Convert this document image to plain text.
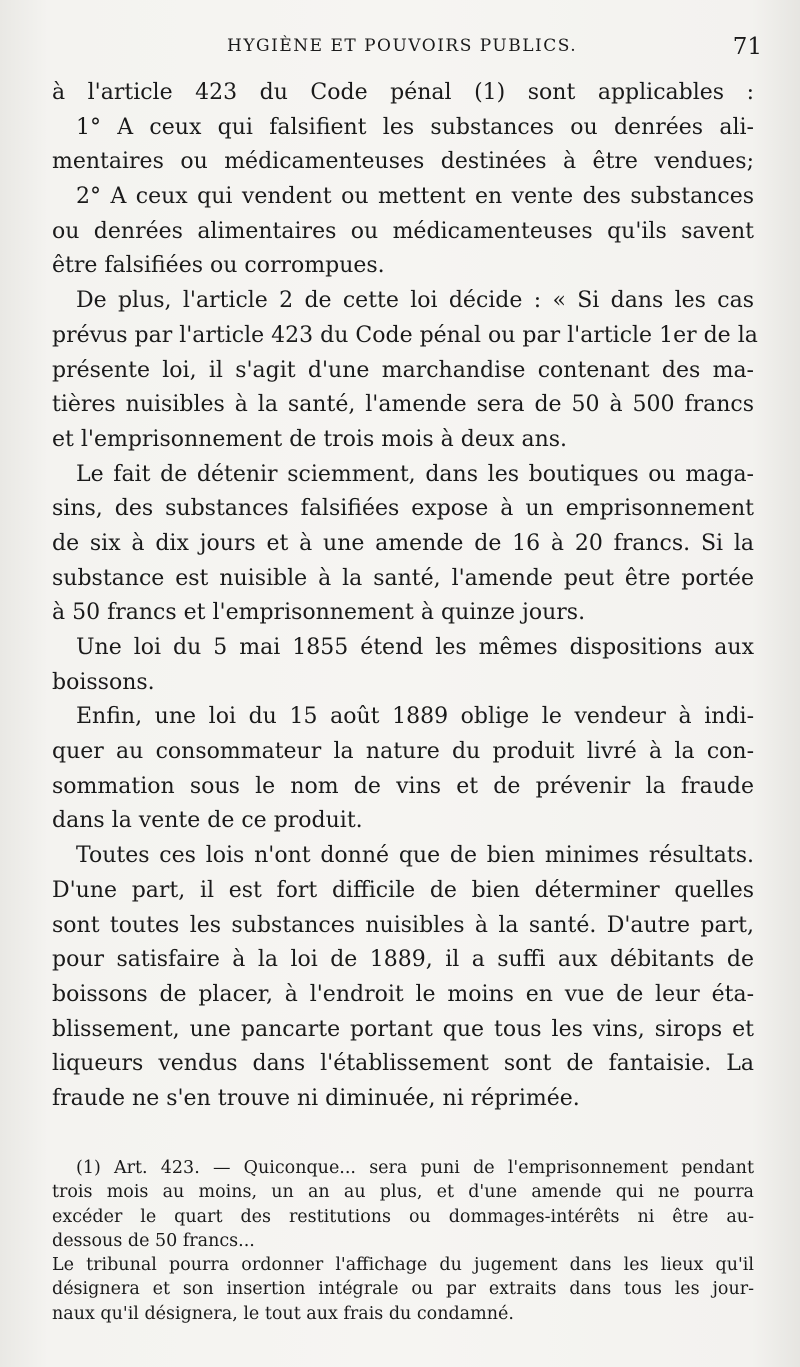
HYGIÈNE ET POUVOIRS PUBLICS.	71
à l'article 423 du Code pénal (1) sont applicables :
1° A ceux qui falsifient les substances ou denrées ali-
mentaires ou médicamenteuses destinées à être vendues;
2° A ceux qui vendent ou mettent en vente des substances
ou denrées alimentaires ou médicamenteuses qu'ils savent
être falsifiées ou corrompues.
De plus, l'article 2 de cette loi décide : « Si dans les cas
prévus par l'article 423 du Code pénal ou par l'article 1er de la
présente loi, il s'agit d'une marchandise contenant des ma-
tières nuisibles à la santé, l'amende sera de 50 à 500 francs
et l'emprisonnement de trois mois à deux ans.
Le fait de détenir sciemment, dans les boutiques ou maga-
sins, des substances falsifiées expose à un emprisonnement
de six à dix jours et à une amende de 16 à 20 francs. Si la
substance est nuisible à la santé, l'amende peut être portée
à 50 francs et l'emprisonnement à quinze jours.
Une loi du 5 mai 1855 étend les mêmes dispositions aux
boissons.
Enfin, une loi du 15 août 1889 oblige le vendeur à indi-
quer au consommateur la nature du produit livré à la con-
sommation sous le nom de vins et de prévenir la fraude
dans la vente de ce produit.
Toutes ces lois n'ont donné que de bien minimes résultats.
D'une part, il est fort difficile de bien déterminer quelles
sont toutes les substances nuisibles à la santé. D'autre part,
pour satisfaire à la loi de 1889, il a suffi aux débitants de
boissons de placer, à l'endroit le moins en vue de leur éta-
blissement, une pancarte portant que tous les vins, sirops et
liqueurs vendus dans l'établissement sont de fantaisie. La
fraude ne s'en trouve ni diminuée, ni réprimée.
(1) Art. 423. — Quiconque... sera puni de l'emprisonnement pendant
trois mois au moins, un an au plus, et d'une amende qui ne pourra
excéder le quart des restitutions ou dommages-intérêts ni être au-
dessous de 50 francs...
Le tribunal pourra ordonner l'affichage du jugement dans les lieux qu'il
désignera et son insertion intégrale ou par extraits dans tous les jour-
naux qu'il désignera, le tout aux frais du condamné.
